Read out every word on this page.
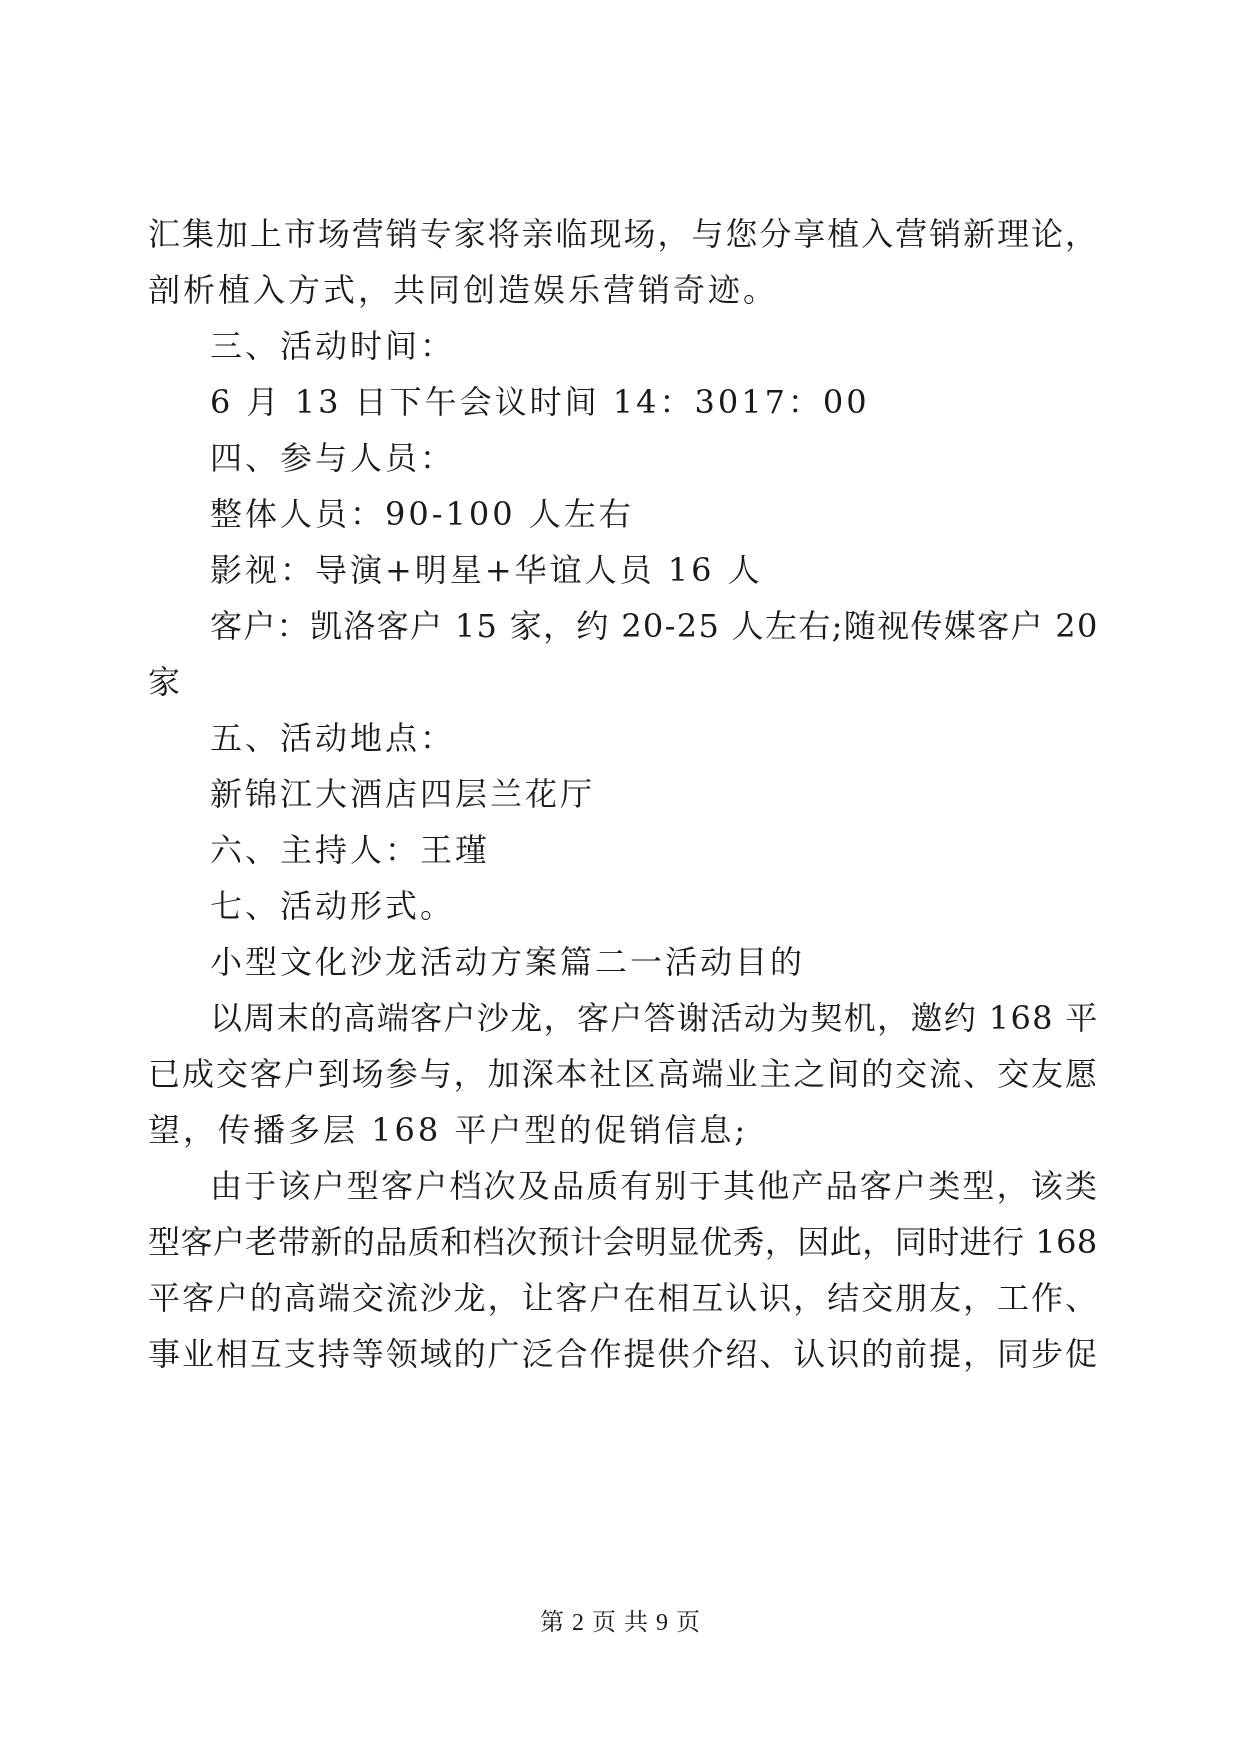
汇集加上市场营销专家将亲临现场，与您分享植入营销新理论，
剖析植入方式，共同创造娱乐营销奇迹。
三、活动时间：
6 月 13 日下午会议时间 14：3017：00
四、参与人员：
整体人员：90-100 人左右
影视：导演+明星+华谊人员 16 人
客户：凯洛客户 15 家，约 20-25 人左右;随视传媒客户 20
家
五、活动地点：
新锦江大酒店四层兰花厅
六、主持人：王瑾
七、活动形式。
小型文化沙龙活动方案篇二一活动目的
以周末的高端客户沙龙，客户答谢活动为契机，邀约 168 平
已成交客户到场参与，加深本社区高端业主之间的交流、交友愿
望，传播多层 168 平户型的促销信息;
由于该户型客户档次及品质有别于其他产品客户类型，该类
型客户老带新的品质和档次预计会明显优秀，因此，同时进行 168
平客户的高端交流沙龙，让客户在相互认识，结交朋友，工作、
事业相互支持等领域的广泛合作提供介绍、认识的前提，同步促
第 2 页 共 9 页
